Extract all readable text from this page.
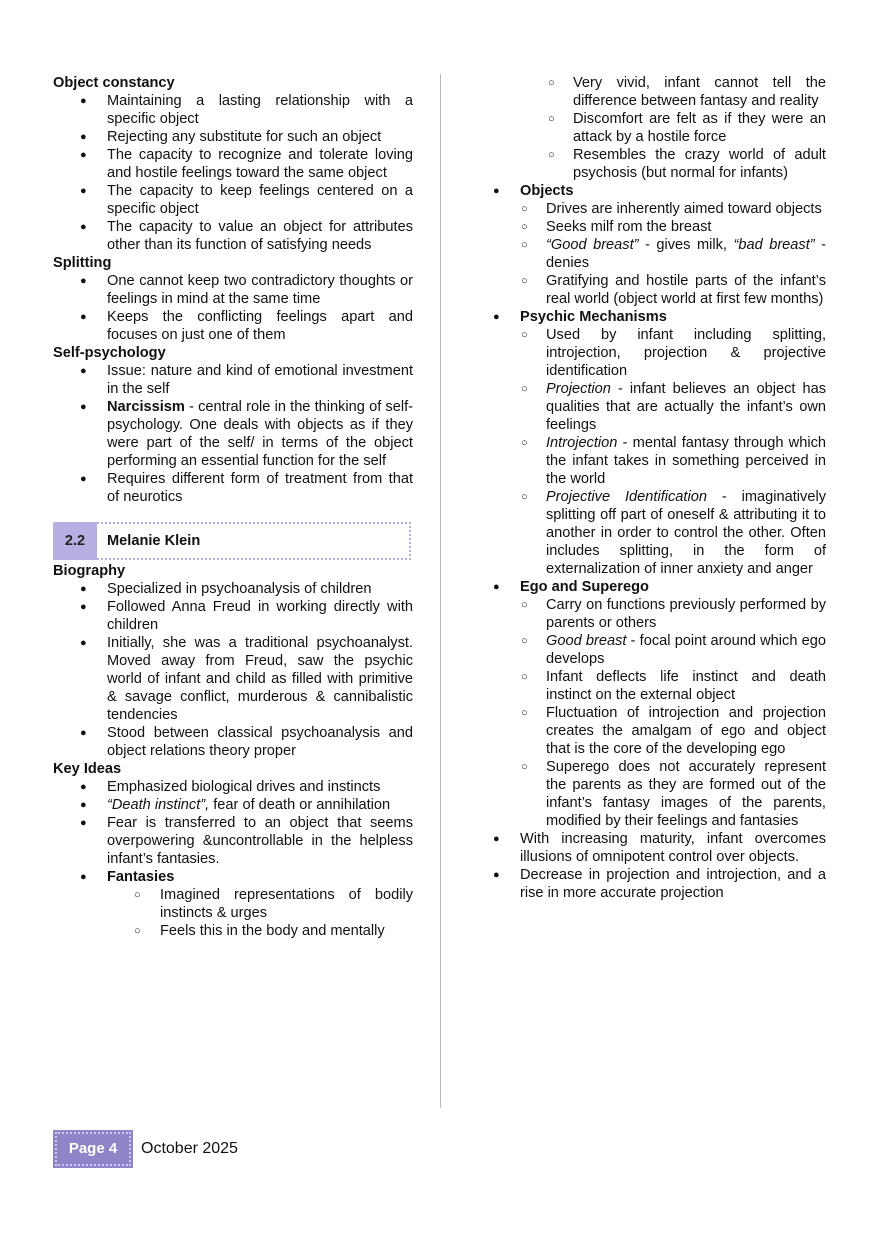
Object constancy
● Maintaining a lasting relationship with a specific object
● Rejecting any substitute for such an object
● The capacity to recognize and tolerate loving and hostile feelings toward the same object
● The capacity to keep feelings centered on a specific object
● The capacity to value an object for attributes other than its function of satisfying needs
Splitting
● One cannot keep two contradictory thoughts or feelings in mind at the same time
● Keeps the conflicting feelings apart and focuses on just one of them
Self-psychology
● Issue: nature and kind of emotional investment in the self
● Narcissism - central role in the thinking of self-psychology. One deals with objects as if they were part of the self/ in terms of the object performing an essential function for the self
● Requires different form of treatment from that of neurotics
2.2	Melanie Klein
Biography
● Specialized in psychoanalysis of children
● Followed Anna Freud in working directly with children
● Initially, she was a traditional psychoanalyst. Moved away from Freud, saw the psychic world of infant and child as filled with primitive & savage conflict, murderous & cannibalistic tendencies
● Stood between classical psychoanalysis and object relations theory proper
Key Ideas
● Emphasized biological drives and instincts
● “Death instinct”, fear of death or annihilation
● Fear is transferred to an object that seems overpowering &uncontrollable in the helpless infant’s fantasies.
● Fantasies
○ Imagined representations of bodily instincts & urges
○ Feels this in the body and mentally
○ Very vivid, infant cannot tell the difference between fantasy and reality
○ Discomfort are felt as if they were an attack by a hostile force
○ Resembles the crazy world of adult psychosis (but normal for infants)
● Objects
○ Drives are inherently aimed toward objects
○ Seeks milf rom the breast
○ “Good breast” - gives milk, “bad breast” - denies
○ Gratifying and hostile parts of the infant’s real world (object world at first few months)
● Psychic Mechanisms
○ Used by infant including splitting, introjection, projection & projective identification
○ Projection - infant believes an object has qualities that are actually the infant’s own feelings
○ Introjection - mental fantasy through which the infant takes in something perceived in the world
○ Projective Identification - imaginatively splitting off part of oneself & attributing it to another in order to control the other. Often includes splitting, in the form of externalization of inner anxiety and anger
● Ego and Superego
○ Carry on functions previously performed by parents or others
○ Good breast - focal point around which ego develops
○ Infant deflects life instinct and death instinct on the external object
○ Fluctuation of introjection and projection creates the amalgam of ego and object that is the core of the developing ego
○ Superego does not accurately represent the parents as they are formed out of the infant’s fantasy images of the parents, modified by their feelings and fantasies
● With increasing maturity, infant overcomes illusions of omnipotent control over objects.
● Decrease in projection and introjection, and a rise in more accurate projection
Page 4	October 2025
